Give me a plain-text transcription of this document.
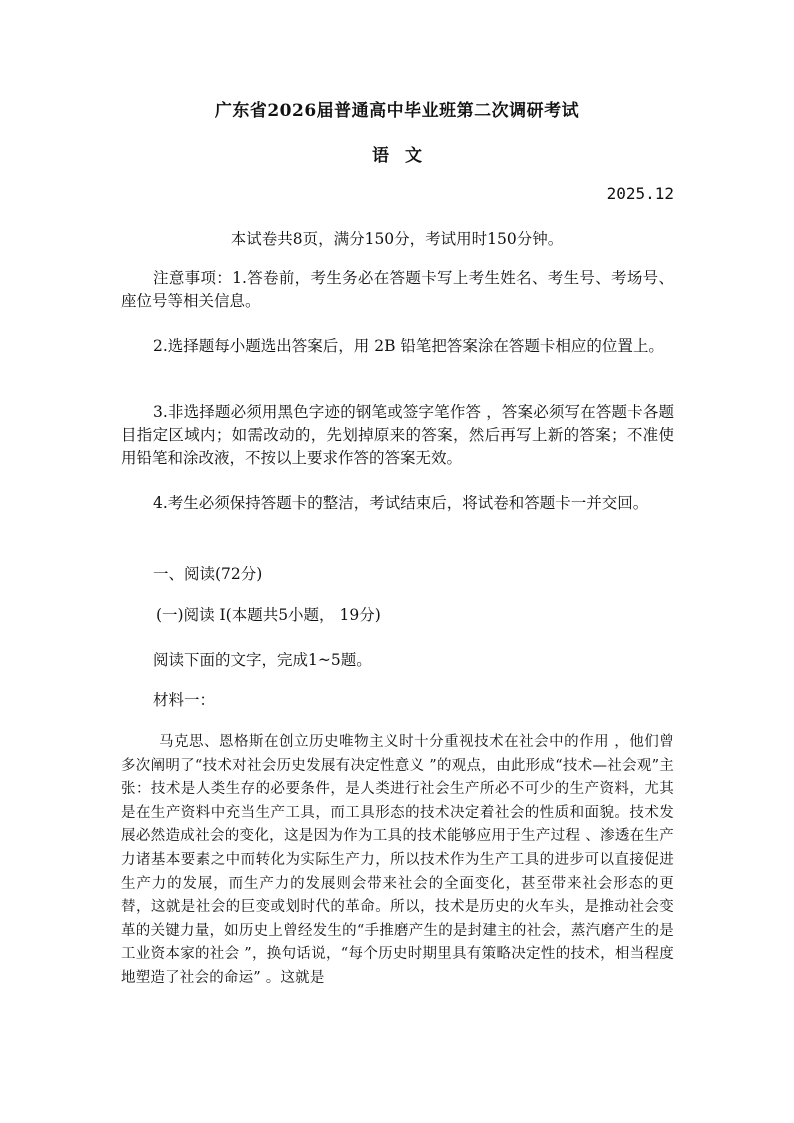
广东省2026届普通高中毕业班第二次调研考试
语文
2025.12
本试卷共8页，满分150分，考试用时150分钟。
注意事项：1.答卷前，考生务必在答题卡写上考生姓名、考生号、考场号、座位号等相关信息。
2.选择题每小题选出答案后，用 2B 铅笔把答案涂在答题卡相应的位置上。
3.非选择题必须用黑色字迹的钢笔或签字笔作答 ，答案必须写在答题卡各题目指定区域内；如需改动的，先划掉原来的答案，然后再写上新的答案；不准使用铅笔和涂改液，不按以上要求作答的答案无效。
4.考生必须保持答题卡的整洁，考试结束后，将试卷和答题卡一并交回。
一、阅读(72分)
(一)阅读 I(本题共5小题， 19分)
阅读下面的文字，完成1~5题。
材料一：
马克思、恩格斯在创立历史唯物主义时十分重视技术在社会中的作用 ，他们曾多次阐明了“技术对社会历史发展有决定性意义 ”的观点，由此形成“技术—社会观”主张：技术是人类生存的必要条件，是人类进行社会生产所必不可少的生产资料，尤其是在生产资料中充当生产工具，而工具形态的技术决定着社会的性质和面貌。技术发展必然造成社会的变化，这是因为作为工具的技术能够应用于生产过程 、渗透在生产力诸基本要素之中而转化为实际生产力，所以技术作为生产工具的进步可以直接促进生产力的发展，而生产力的发展则会带来社会的全面变化，甚至带来社会形态的更替，这就是社会的巨变或划时代的革命。所以，技术是历史的火车头，是推动社会变革的关键力量，如历史上曾经发生的“手推磨产生的是封建主的社会，蒸汽磨产生的是工业资本家的社会 ”，换句话说，“每个历史时期里具有策略决定性的技术，相当程度地塑造了社会的命运” 。这就是
